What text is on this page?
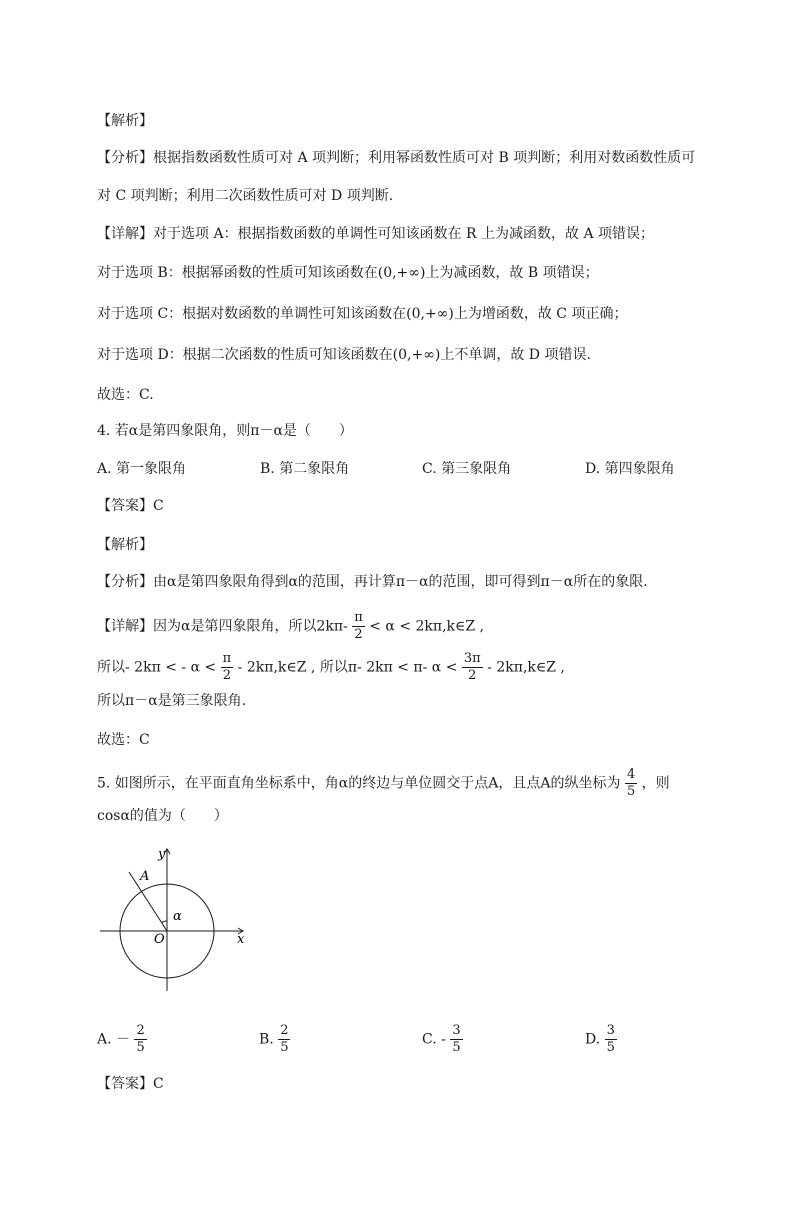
【解析】
【分析】根据指数函数性质可对 A 项判断；利用幂函数性质可对 B 项判断；利用对数函数性质可
对 C 项判断；利用二次函数性质可对 D 项判断.
【详解】对于选项 A：根据指数函数的单调性可知该函数在 R 上为减函数，故 A 项错误；
对于选项 B：根据幂函数的性质可知该函数在(0,+∞)上为减函数，故 B 项错误；
对于选项 C：根据对数函数的单调性可知该函数在(0,+∞)上为增函数，故 C 项正确；
对于选项 D：根据二次函数的性质可知该函数在(0,+∞)上不单调，故 D 项错误.
故选：C.
4. 若α是第四象限角，则π－α是（　　）
A. 第一象限角	B. 第二象限角	C. 第三象限角	D. 第四象限角
【答案】C
【解析】
【分析】由α是第四象限角得到α的范围，再计算π－α的范围，即可得到π－α所在的象限.
【详解】因为α是第四象限角，所以$2k\pi- \frac{\pi}{2} < \alpha$ < 2kπ,k∈Z ,
所以- 2kπ < - $\alpha < \frac{\pi}{2}$ - 2kπ,k∈Z , 所以π- 2kπ < π- $\alpha < \frac{3\pi}{2}$ - 2kπ,k∈Z ,
所以π－α是第三象限角.
故选：C
5. 如图所示，在平面直角坐标系中，角α的终边与单位圆交于点A，且点A的纵坐标为 $\frac{4}{5}$ ，则
cosα的值为（　　）
y
x
O
A
α
A. － $\frac{2}{5}$	B. $\frac{2}{5}$	C. - $\frac{3}{5}$	D. $\frac{3}{5}$
【答案】C
